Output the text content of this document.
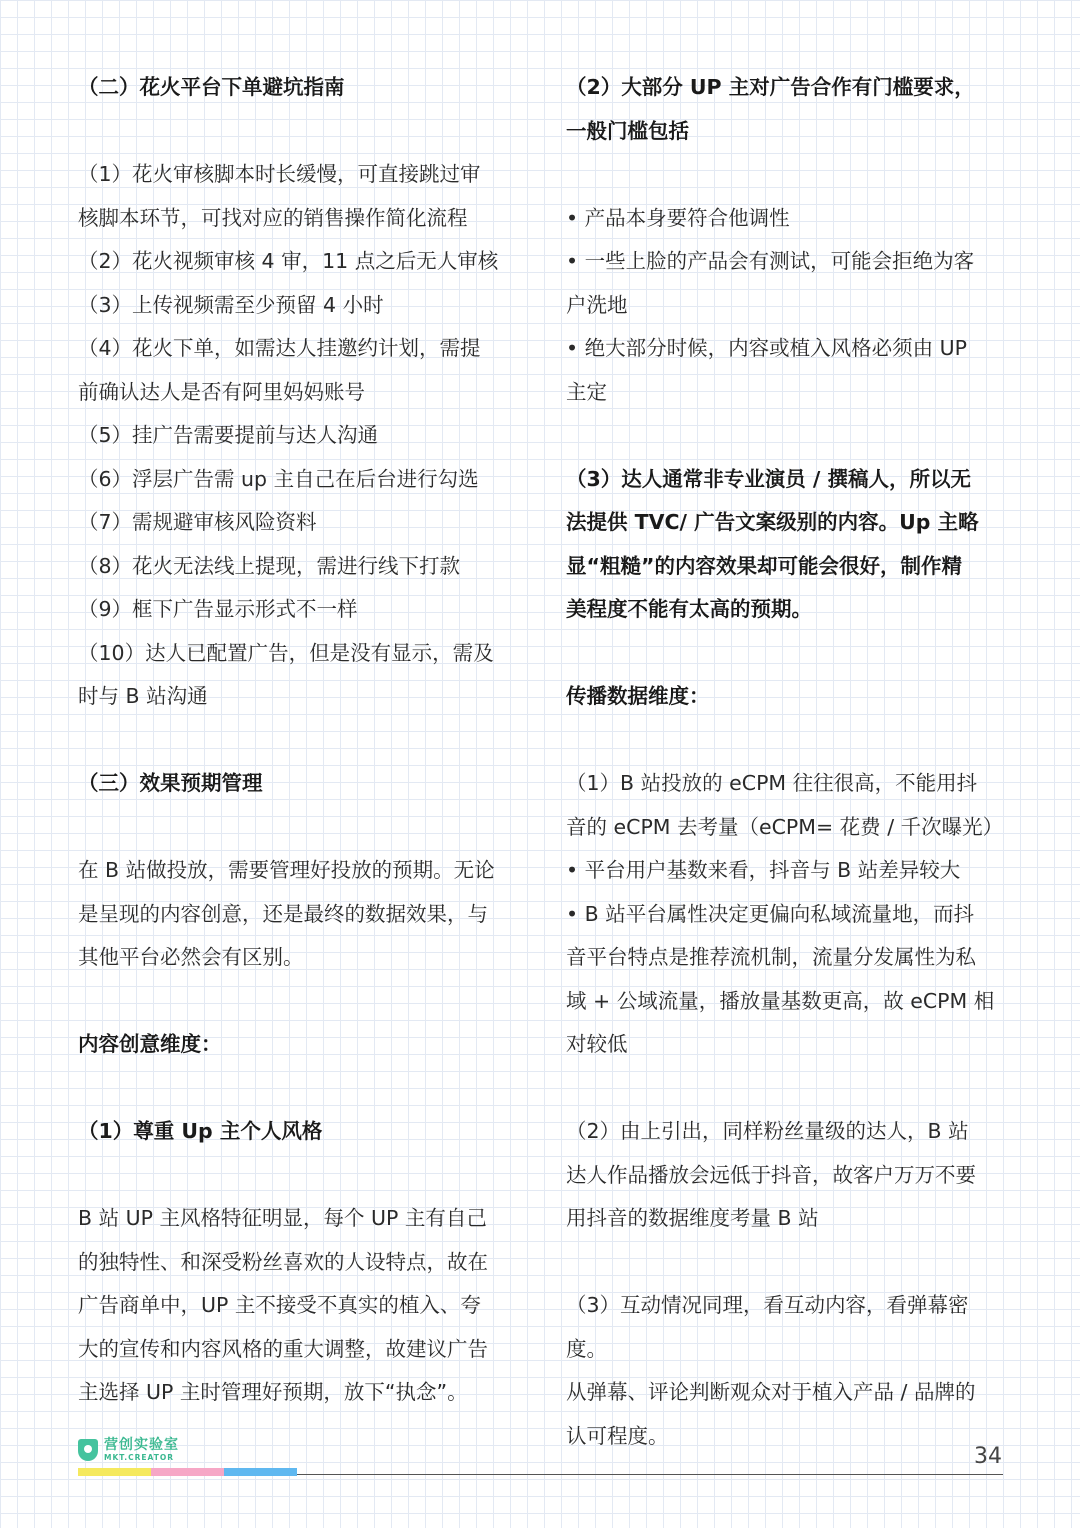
（二）花火平台下单避坑指南

（1）花火审核脚本时长缓慢，可直接跳过审

核脚本环节，可找对应的销售操作简化流程

（2）花火视频审核 4 审，11 点之后无人审核

（3）上传视频需至少预留 4 小时

（4）花火下单，如需达人挂邀约计划，需提

前确认达人是否有阿里妈妈账号

（5）挂广告需要提前与达人沟通

（6）浮层广告需 up 主自己在后台进行勾选

（7）需规避审核风险资料

（8）花火无法线上提现，需进行线下打款

（9）框下广告显示形式不一样

（10）达人已配置广告，但是没有显示，需及

时与 B 站沟通

（三）效果预期管理

在 B 站做投放，需要管理好投放的预期。无论

是呈现的内容创意，还是最终的数据效果，与

其他平台必然会有区别。

内容创意维度：

（1）尊重 Up 主个人风格

B 站 UP 主风格特征明显，每个 UP 主有自己

的独特性、和深受粉丝喜欢的人设特点，故在

广告商单中，UP 主不接受不真实的植入、夸

大的宣传和内容风格的重大调整，故建议广告

主选择 UP 主时管理好预期，放下“执念”。

（2）大部分 UP 主对广告合作有门槛要求，

一般门槛包括

• 产品本身要符合他调性

• 一些上脸的产品会有测试，可能会拒绝为客

户洗地

• 绝大部分时候，内容或植入风格必须由 UP

主定

（3）达人通常非专业演员 / 撰稿人，所以无

法提供 TVC/ 广告文案级别的内容。Up 主略

显“粗糙”的内容效果却可能会很好，制作精

美程度不能有太高的预期。

传播数据维度：

（1）B 站投放的 eCPM 往往很高，不能用抖

音的 eCPM 去考量（eCPM= 花费 / 千次曝光）

• 平台用户基数来看，抖音与 B 站差异较大

• B 站平台属性决定更偏向私域流量地，而抖

音平台特点是推荐流机制，流量分发属性为私

域 + 公域流量，播放量基数更高，故 eCPM 相

对较低

（2）由上引出，同样粉丝量级的达人，B 站

达人作品播放会远低于抖音，故客户万万不要

用抖音的数据维度考量 B 站

（3）互动情况同理，看互动内容，看弹幕密度。

从弹幕、评论判断观众对于植入产品 / 品牌的

认可程度。

营创实验室
MKT.CREATOR	34
